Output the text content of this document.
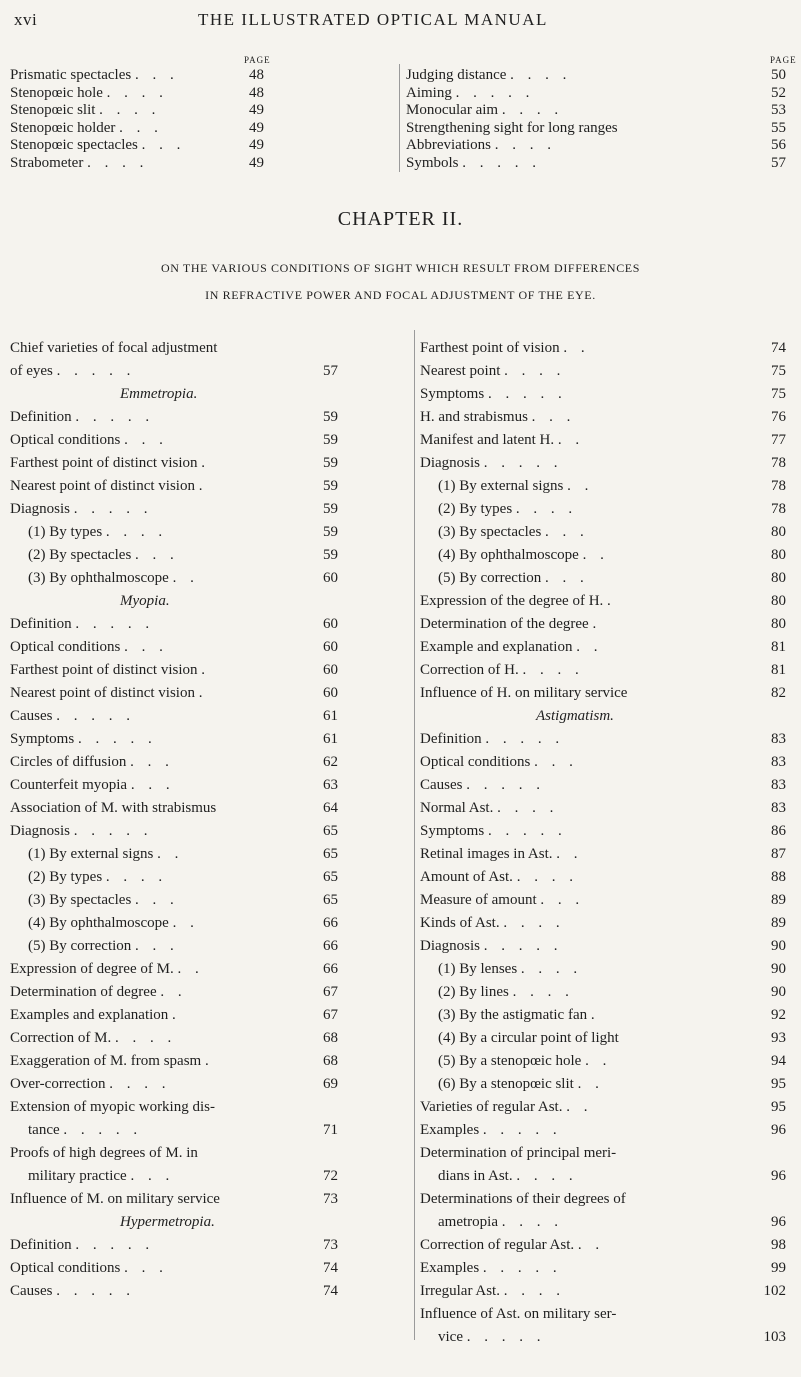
xvi	THE ILLUSTRATED OPTICAL MANUAL
PAGE	PAGE
Prismatic spectacles . . .	48
Stenopœic hole . . . .	48
Stenopœic slit . . . .	49
Stenopœic holder . . .	49
Stenopœic spectacles . . .	49
Strabometer . . . .	49
Judging distance . . . .	50
Aiming . . . . .	52
Monocular aim . . . .	53
Strengthening sight for long ranges	55
Abbreviations . . . .	56
Symbols . . . . .	57
CHAPTER II.
ON THE VARIOUS CONDITIONS OF SIGHT WHICH RESULT FROM DIFFERENCES
IN REFRACTIVE POWER AND FOCAL ADJUSTMENT OF THE EYE.
Chief varieties of focal adjustment
of eyes . . . . .	57
Emmetropia.
Definition . . . . .	59
Optical conditions . . .	59
Farthest point of distinct vision .	59
Nearest point of distinct vision .	59
Diagnosis . . . . .	59
(1) By types . . . .	59
(2) By spectacles . . .	59
(3) By ophthalmoscope . .	60
Myopia.
Definition . . . . .	60
Optical conditions . . .	60
Farthest point of distinct vision .	60
Nearest point of distinct vision .	60
Causes . . . . .	61
Symptoms . . . . .	61
Circles of diffusion . . .	62
Counterfeit myopia . . .	63
Association of M. with strabismus	64
Diagnosis . . . . .	65
(1) By external signs . .	65
(2) By types . . . .	65
(3) By spectacles . . .	65
(4) By ophthalmoscope . .	66
(5) By correction . . .	66
Expression of degree of M. . .	66
Determination of degree . .	67
Examples and explanation .	67
Correction of M. . . . .	68
Exaggeration of M. from spasm .	68
Over-correction . . . .	69
Extension of myopic working dis-
tance . . . . .	71
Proofs of high degrees of M. in
military practice . . .	72
Influence of M. on military service	73
Hypermetropia.
Definition . . . . .	73
Optical conditions . . .	74
Causes . . . . .	74
Farthest point of vision . .	74
Nearest point . . . .	75
Symptoms . . . . .	75
H. and strabismus . . .	76
Manifest and latent H. . .	77
Diagnosis . . . . .	78
(1) By external signs . .	78
(2) By types . . . .	78
(3) By spectacles . . .	80
(4) By ophthalmoscope . .	80
(5) By correction . . .	80
Expression of the degree of H. .	80
Determination of the degree .	80
Example and explanation . .	81
Correction of H. . . . .	81
Influence of H. on military service	82
Astigmatism.
Definition . . . . .	83
Optical conditions . . .	83
Causes . . . . .	83
Normal Ast. . . . .	83
Symptoms . . . . .	86
Retinal images in Ast. . .	87
Amount of Ast. . . . .	88
Measure of amount . . .	89
Kinds of Ast. . . . .	89
Diagnosis . . . . .	90
(1) By lenses . . . .	90
(2) By lines . . . .	90
(3) By the astigmatic fan .	92
(4) By a circular point of light	93
(5) By a stenopœic hole . .	94
(6) By a stenopœic slit . .	95
Varieties of regular Ast. . .	95
Examples . . . . .	96
Determination of principal meri-
dians in Ast. . . . .	96
Determinations of their degrees of
ametropia . . . .	96
Correction of regular Ast. . .	98
Examples . . . . .	99
Irregular Ast. . . . .	102
Influence of Ast. on military ser-
vice . . . . .	103
